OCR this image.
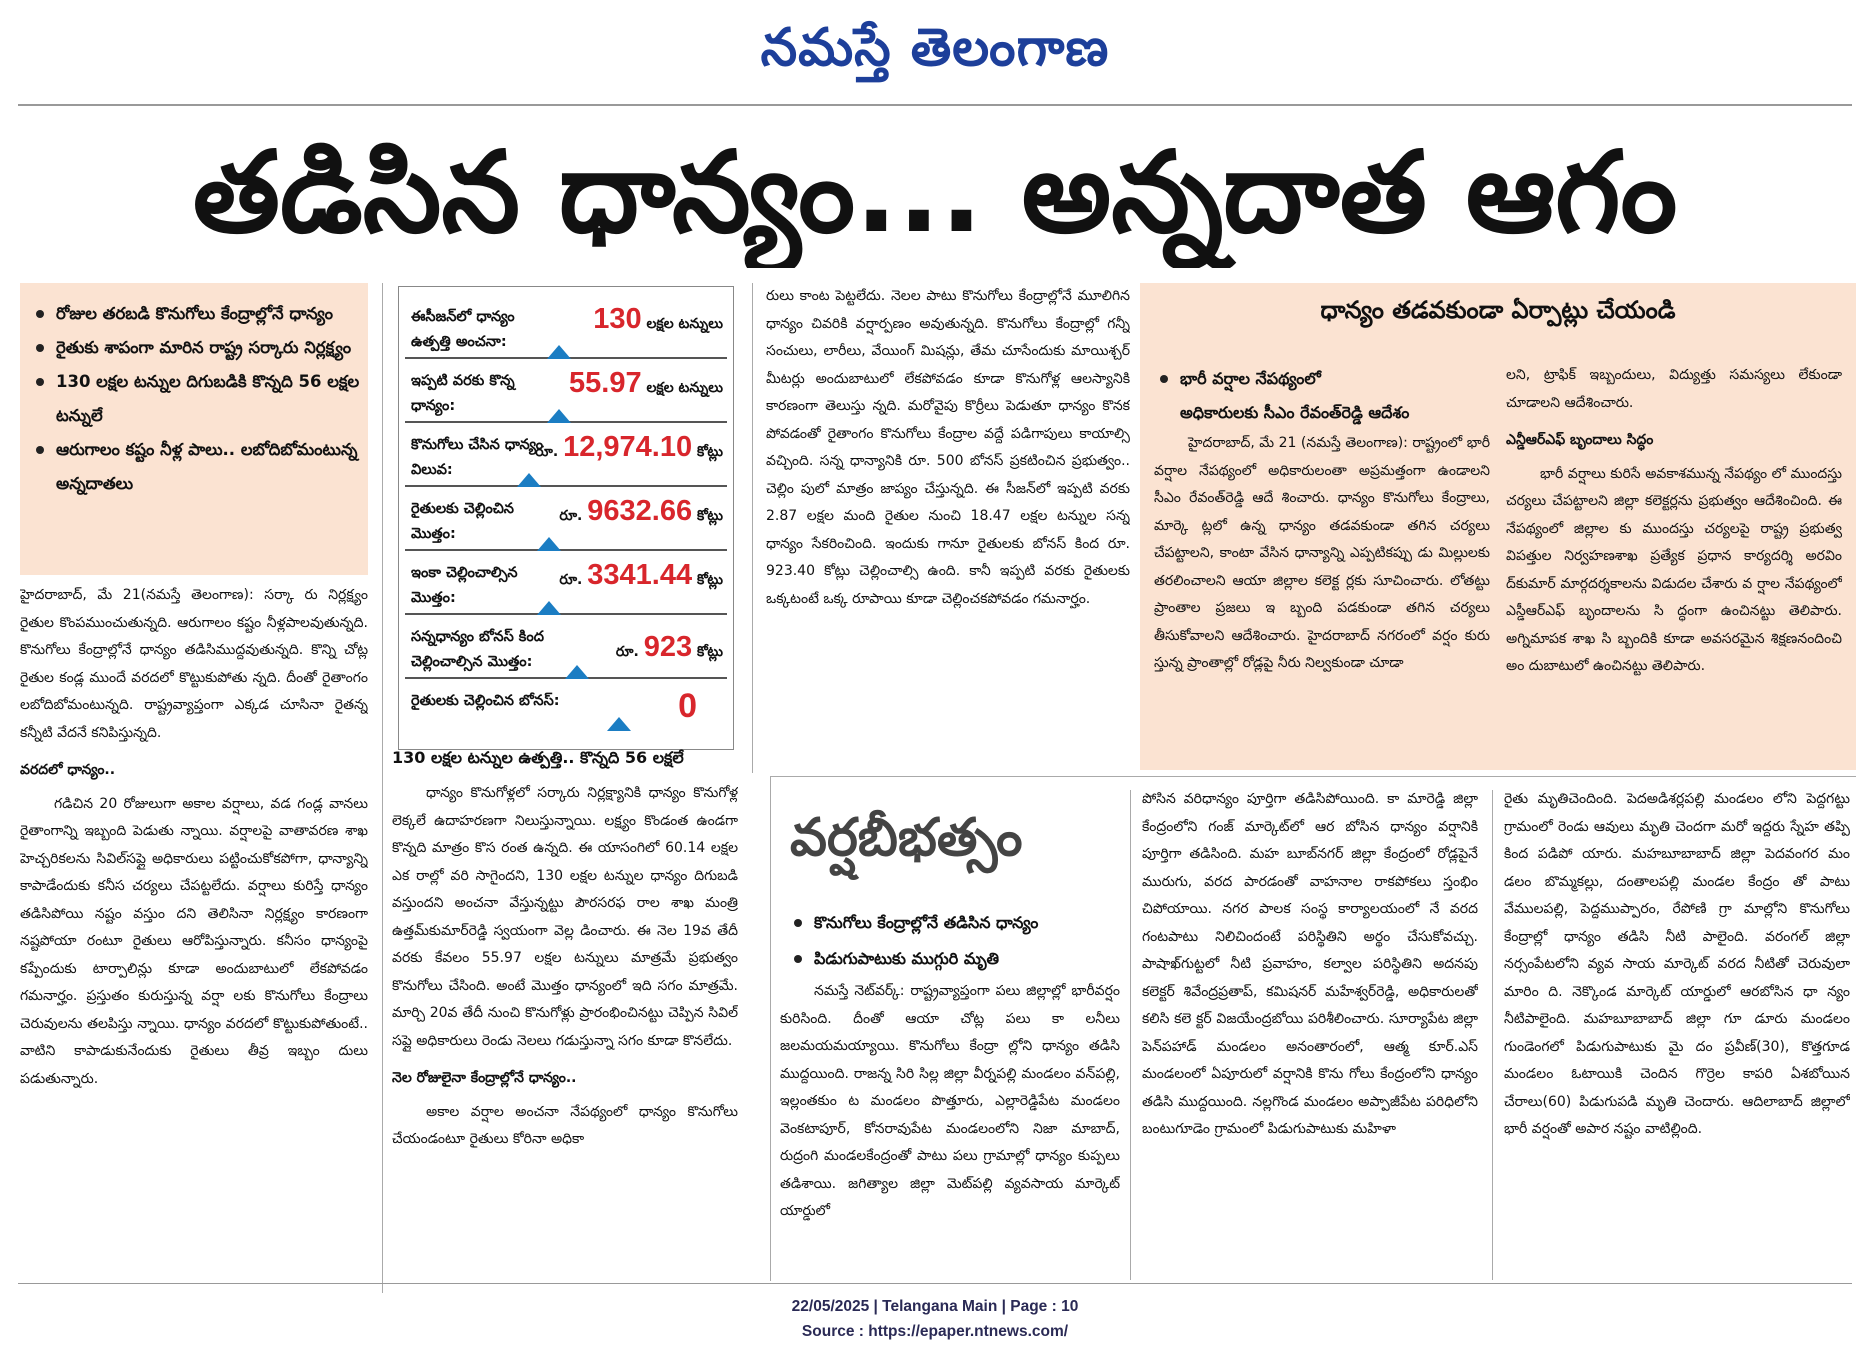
నమస్తే తెలంగాణ
తడిసిన ధాన్యం... అన్నదాత ఆగం
రోజుల తరబడి కొనుగోలు కేంద్రాల్లోనే ధాన్యం
రైతుకు శాపంగా మారిన రాష్ట్ర సర్కారు నిర్లక్ష్యం
130 లక్షల టన్నుల దిగుబడికి కొన్నది 56 లక్షల టన్నులే
ఆరుగాలం కష్టం నీళ్ల పాలు.. లబోదిబోమంటున్న అన్నదాతలు

హైదరాబాద్, మే 21(నమస్తే తెలంగాణ): సర్కా రు నిర్లక్ష్యం రైతుల కొంపముంచుతున్నది. ఆరుగాలం కష్టం నీళ్లపాలవుతున్నది. కొనుగోలు కేంద్రాల్లోనే ధాన్యం తడిసిముద్దవుతున్నది. కొన్ని చోట్ల రైతుల కండ్ల ముందే వరదలో కొట్టుకుపోతు న్నది. దీంతో రైతాంగం లబోదిబోమంటున్నది. రాష్ట్రవ్యాప్తంగా ఎక్కడ చూసినా రైతన్న కన్నీటి వేదనే కనిపిస్తున్నది.

వరదలో ధాన్యం..

గడిచిన 20 రోజులుగా అకాల వర్షాలు, వడ గండ్ల వానలు రైతాంగాన్ని ఇబ్బంది పెడుతు న్నాయి. వర్షాలపై వాతావరణ శాఖ హెచ్చరికలను సివిల్‌సప్లై అధికారులు పట్టించుకోకపోగా, ధాన్యాన్ని కాపాడేందుకు కనీస చర్యలు చేపట్టలేదు. వర్షాలు కురిస్తే ధాన్యం తడిసిపోయి నష్టం వస్తుం దని తెలిసినా నిర్లక్ష్యం కారణంగా నష్టపోయా రంటూ రైతులు ఆరోపిస్తున్నారు. కనీసం ధాన్యంపై కప్పేందుకు టార్పాలిన్లు కూడా అందుబాటులో లేకపోవడం గమనార్హం. ప్రస్తుతం కురుస్తున్న వర్షా లకు కొనుగోలు కేంద్రాలు చెరువులను తలపిస్తు న్నాయి. ధాన్యం వరదలో కొట్టుకుపోతుంటే.. వాటిని కాపాడుకునేందుకు రైతులు తీవ్ర ఇబ్బం దులు పడుతున్నారు.

ఈసీజన్‌లో ధాన్యం ఉత్పత్తి అంచనా:
130 లక్షల టన్నులు
ఇప్పటి వరకు కొన్న ధాన్యం:
55.97 లక్షల టన్నులు
కొనుగోలు చేసిన ధాన్యం విలువ:
రూ. 12,974.10 కోట్లు
రైతులకు చెల్లించిన మొత్తం:
రూ. 9632.66 కోట్లు
ఇంకా చెల్లించాల్సిన మొత్తం:
రూ. 3341.44 కోట్లు
సన్నధాన్యం బోనస్ కింద చెల్లించాల్సిన మొత్తం:
రూ. 923 కోట్లు
రైతులకు చెల్లించిన బోనస్:	0
130 లక్షల టన్నుల ఉత్పత్తి.. కొన్నది 56 లక్షలే

ధాన్యం కొనుగోళ్లలో సర్కారు నిర్లక్ష్యానికి ధాన్యం కొనుగోళ్ల లెక్కలే ఉదాహరణగా నిలుస్తున్నాయి. లక్ష్యం కొండంత ఉండగా కొన్నది మాత్రం కొస రంత ఉన్నది. ఈ యాసంగిలో 60.14 లక్షల ఎక రాల్లో వరి సాగైందని, 130 లక్షల టన్నుల ధాన్యం దిగుబడి వస్తుందని అంచనా వేస్తున్నట్టు పౌరసరఫ రాల శాఖ మంత్రి ఉత్తమ్‌కుమార్‌రెడ్డి స్వయంగా వెల్ల డించారు. ఈ నెల 19వ తేదీ వరకు కేవలం 55.97 లక్షల టన్నులు మాత్రమే ప్రభుత్వం కొనుగోలు చేసింది. అంటే మొత్తం ధాన్యంలో ఇది సగం మాత్రమే. మార్చి 20వ తేదీ నుంచి కొనుగోళ్లు ప్రారంభించినట్టు చెప్పిన సివిల్ సప్లై అధికారులు రెండు నెలలు గడుస్తున్నా సగం కూడా కొనలేదు.

నెల రోజులైనా కేంద్రాల్లోనే ధాన్యం..

అకాల వర్షాల అంచనా నేపథ్యంలో ధాన్యం కొనుగోలు చేయండంటూ రైతులు కోరినా అధికా

రులు కాంట పెట్టలేదు. నెలల పాటు కొనుగోలు కేంద్రాల్లోనే మూలిగిన ధాన్యం చివరికి వర్షార్పణం అవుతున్నది. కొనుగోలు కేంద్రాల్లో గన్నీ సంచులు, లారీలు, వేయింగ్ మిషన్లు, తేమ చూసేందుకు మాయిశ్చర్ మీటర్లు అందుబాటులో లేకపోవడం కూడా కొనుగోళ్ల ఆలస్యానికి కారణంగా తెలుస్తు న్నది. మరోవైపు కొర్రీలు పెడుతూ ధాన్యం కొనక పోవడంతో రైతాంగం కొనుగోలు కేంద్రాల వద్దే పడిగాపులు కాయాల్సి వచ్చింది. సన్న ధాన్యానికి రూ. 500 బోనస్ ప్రకటించిన ప్రభుత్వం.. చెల్లిం పులో మాత్రం జాప్యం చేస్తున్నది. ఈ సీజన్‌లో ఇప్పటి వరకు 2.87 లక్షల మంది రైతుల నుంచి 18.47 లక్షల టన్నుల సన్న ధాన్యం సేకరించింది. ఇందుకు గానూ రైతులకు బోనస్ కింద రూ. 923.40 కోట్లు చెల్లించాల్సి ఉంది. కానీ ఇప్పటి వరకు రైతులకు ఒక్కటంటే ఒక్క రూపాయి కూడా చెల్లించకపోవడం గమనార్హం.

ధాన్యం తడవకుండా ఏర్పాట్లు చేయండి
భారీ వర్షాల నేపథ్యంలో

అధికారులకు సీఎం రేవంత్‌రెడ్డి ఆదేశం

హైదరాబాద్, మే 21 (నమస్తే తెలంగాణ): రాష్ట్రంలో భారీ వర్షాల నేపథ్యంలో అధికారులంతా అప్రమత్తంగా ఉండాలని సీఎం రేవంత్‌రెడ్డి ఆదే శించారు. ధాన్యం కొనుగోలు కేంద్రాలు, మార్కె ట్లలో ఉన్న ధాన్యం తడవకుండా తగిన చర్యలు చేపట్టాలని, కాంటా వేసిన ధాన్యాన్ని ఎప్పటికప్పు డు మిల్లులకు తరలించాలని ఆయా జిల్లాల కలెక్ట ర్లకు సూచించారు. లోతట్టు ప్రాంతాల ప్రజలు ఇ బ్బంది పడకుండా తగిన చర్యలు తీసుకోవాలని ఆదేశించారు. హైదరాబాద్ నగరంలో వర్షం కురు స్తున్న ప్రాంతాల్లో రోడ్లపై నీరు నిల్వకుండా చూడా

లని, ట్రాఫిక్ ఇబ్బందులు, విద్యుత్తు సమస్యలు లేకుండా చూడాలని ఆదేశించారు.

ఎన్డీఆర్ఎఫ్ బృందాలు సిద్ధం

భారీ వర్షాలు కురిసే అవకాశమున్న నేపథ్యం లో ముందస్తు చర్యలు చేపట్టాలని జిల్లా కలెక్టర్లను ప్రభుత్వం ఆదేశించింది. ఈ నేపథ్యంలో జిల్లాల కు ముందస్తు చర్యలపై రాష్ట్ర ప్రభుత్వ విపత్తుల నిర్వహణశాఖ ప్రత్యేక ప్రధాన కార్యదర్శి అరవిం ద్‌కుమార్ మార్గదర్శకాలను విడుదల చేశారు వ ర్షాల నేపథ్యంలో ఎస్డీఆర్ఎఫ్ బృందాలను సి ద్ధంగా ఉంచినట్టు తెలిపారు. అగ్నిమాపక శాఖ సి బ్బందికి కూడా అవసరమైన శిక్షణనందించి అం దుబాటులో ఉంచినట్టు తెలిపారు.

వర్షబీభత్సం
కొనుగోలు కేంద్రాల్లోనే తడిసిన ధాన్యం
పిడుగుపాటుకు ముగ్గురి మృతి

నమస్తే నెట్‌వర్క్: రాష్ట్రవ్యాప్తంగా పలు జిల్లాల్లో భారీవర్షం కురిసింది. దీంతో ఆయా చోట్ల పలు కా లనీలు జలమయమయ్యాయి. కొనుగోలు కేంద్రా ల్లోని ధాన్యం తడిసి ముద్దయింది. రాజన్న సిరి సిల్ల జిల్లా వీర్నపల్లి మండలం వన్‌పల్లి, ఇల్లంతకుం ట మండలం పొత్తూరు, ఎల్లారెడ్డిపేట మండలం వెంకటాపూర్, కోనరావుపేట మండలంలోని నిజా మాబాద్, రుద్రంగి మండలకేంద్రంతో పాటు పలు గ్రామాల్లో ధాన్యం కుప్పలు తడిశాయి. జగిత్యాల జిల్లా మెట్‌పల్లి వ్యవసాయ మార్కెట్ యార్డులో

పోసిన వరిధాన్యం పూర్తిగా తడిసిపోయింది. కా మారెడ్డి జిల్లా కేంద్రంలోని గంజ్ మార్కెట్‌లో ఆర బోసిన ధాన్యం వర్షానికి పూర్తిగా తడిసింది. మహ బూబ్‌నగర్ జిల్లా కేంద్రంలో రోడ్లపైనే మురుగు, వరద పారడంతో వాహనాల రాకపోకలు స్తంభిం చిపోయాయి. నగర పాలక సంస్థ కార్యాలయంలో నే వరద గంటపాటు నిలిచిందంటే పరిస్థితిని అర్థం చేసుకోవచ్చు. పాషాఖ్‌గుట్టలో నీటి ప్రవాహం, కల్వాల పరిస్థితిని అదనపు కలెక్టర్ శివేంద్రప్రతాప్, కమిషనర్ మహేశ్వర్‌రెడ్డి, అధికారులతో కలిసి కలె క్టర్ విజయేంద్రబోయి పరిశీలించారు. సూర్యాపేట జిల్లా పెన్‌పహాడ్ మండలం అనంతారంలో, ఆత్మ కూర్.ఎస్ మండలంలో ఏపూరులో వర్షానికి కొను గోలు కేంద్రంలోని ధాన్యం తడిసి ముద్దయింది. నల్లగొండ మండలం అప్పాజీపేట పరిధిలోని బంటుగూడెం గ్రామంలో పిడుగుపాటుకు మహిళా

రైతు మృతిచెందింది. పెదఅడిశర్లపల్లి మండలం లోని పెద్దగట్టు గ్రామంలో రెండు ఆవులు మృతి చెందగా మరో ఇద్దరు స్నేహ తప్పి కింద పడిపో యారు. మహబూబాబాద్ జిల్లా పెదవంగర మం డలం బొమ్మకల్లు, దంతాలపల్లి మండల కేంద్రం తో పాటు వేములపల్లి, పెద్దముప్పారం, రేపోణి గ్రా మాల్లోని కొనుగోలు కేంద్రాల్లో ధాన్యం తడిసి నీటి పాలైంది. వరంగల్ జిల్లా నర్సంపేటలోని వ్యవ సాయ మార్కెట్ వరద నీటితో చెరువులా మారిం ది. నెక్కొండ మార్కెట్ యార్డులో ఆరబోసిన ధా న్యం నీటిపాలైంది. మహబూబాబాద్ జిల్లా గూ డూరు మండలం గుండెంగలో పిడుగుపాటుకు మై దం ప్రవీణ్(30), కొత్తగూడ మండలం ఓటాయికి చెందిన గొర్రెల కాపరి ఏశబోయిన చేరాలు(60) పిడుగుపడి మృతి చెందారు. ఆదిలాబాద్ జిల్లాలో భారీ వర్షంతో అపార నష్టం వాటిల్లింది.

22/05/2025 | Telangana Main | Page : 10
Source : https://epaper.ntnews.com/
